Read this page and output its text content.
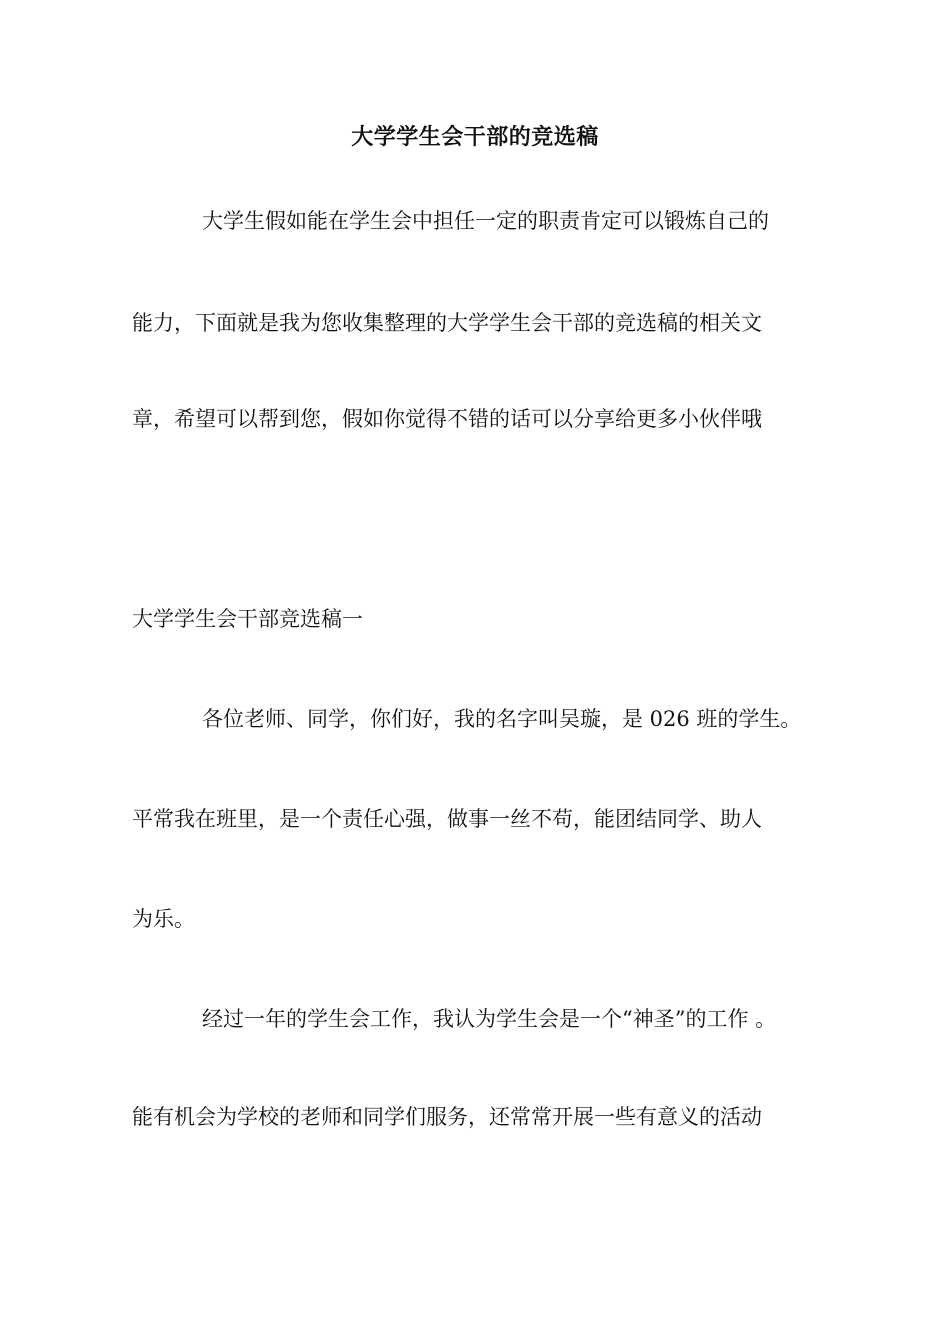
大学学生会干部的竞选稿
大学生假如能在学生会中担任一定的职责肯定可以锻炼自己的
能力，下面就是我为您收集整理的大学学生会干部的竞选稿的相关文
章，希望可以帮到您，假如你觉得不错的话可以分享给更多小伙伴哦
大学学生会干部竞选稿一
各位老师、同学，你们好，我的名字叫吴璇，是 026 班的学生。
平常我在班里，是一个责任心强，做事一丝不苟，能团结同学、助人
为乐。
经过一年的学生会工作，我认为学生会是一个“神圣”的工作 。
能有机会为学校的老师和同学们服务，还常常开展一些有意义的活动
